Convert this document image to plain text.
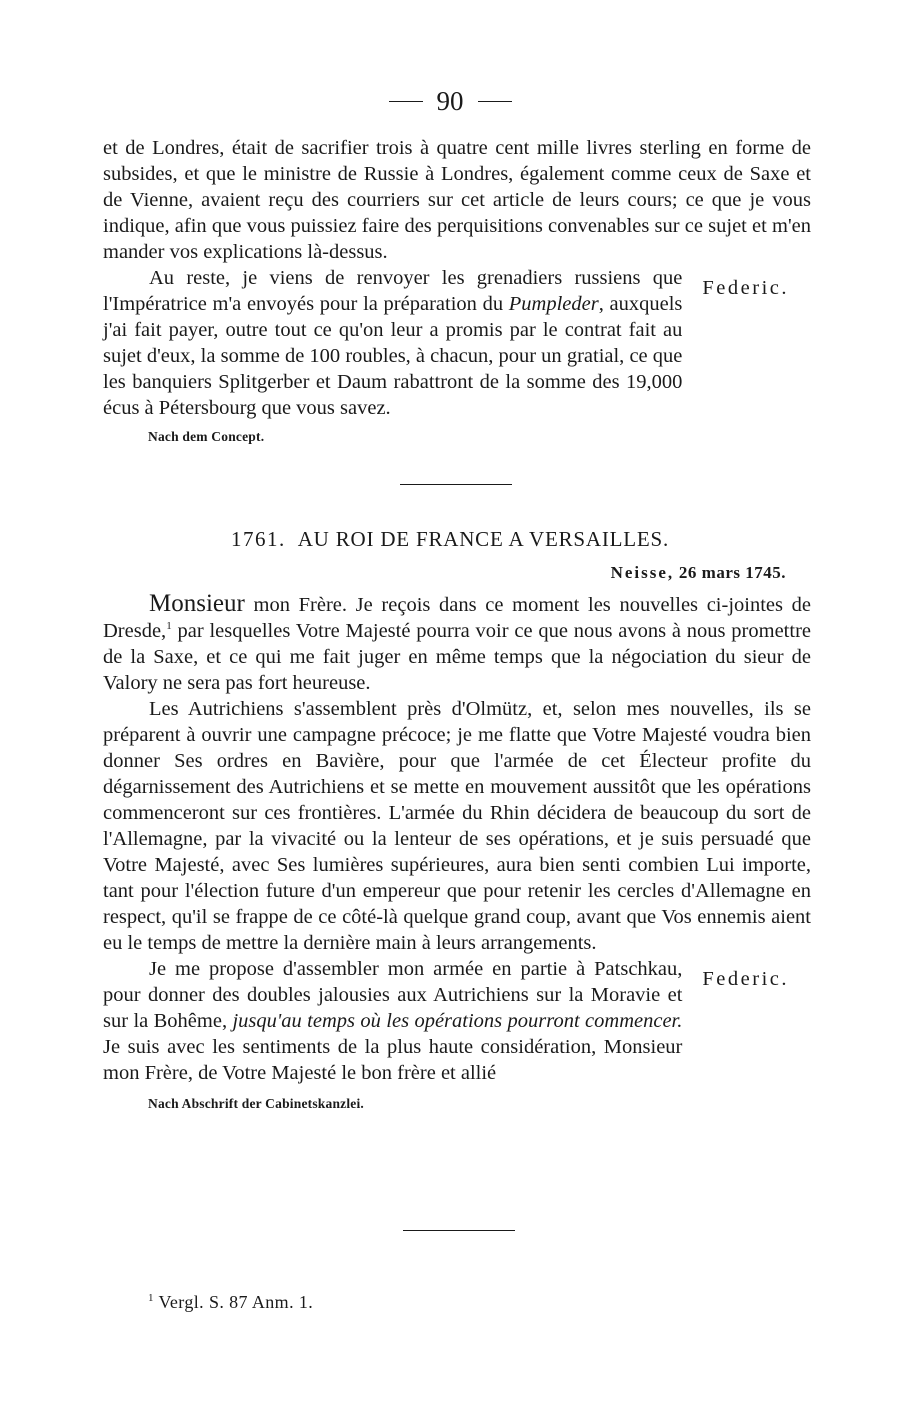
90

et de Londres, était de sacrifier trois à quatre cent mille livres sterling en forme de subsides, et que le ministre de Russie à Londres, également comme ceux de Saxe et de Vienne, avaient reçu des courriers sur cet article de leurs cours; ce que je vous indique, afin que vous puissiez faire des perquisitions convenables sur ce sujet et m'en mander vos explications là-dessus.

Au reste, je viens de renvoyer les grenadiers russiens que l'Impératrice m'a envoyés pour la préparation du Pumpleder, auxquels j'ai fait payer, outre tout ce qu'on leur a promis par le contrat fait au sujet d'eux, la somme de 100 roubles, à chacun, pour un gratial, ce que les banquiers Splitgerber et Daum rabattront de la somme des 19,000 écus à Pétersbourg que vous savez.

Federic.
Nach dem Concept.
1761. AU ROI DE FRANCE A VERSAILLES.
Neisse, 26 mars 1745.

Monsieur mon Frère. Je reçois dans ce moment les nouvelles ci-jointes de Dresde,$^1$ par lesquelles Votre Majesté pourra voir ce que nous avons à nous promettre de la Saxe, et ce qui me fait juger en même temps que la négociation du sieur de Valory ne sera pas fort heureuse.

Les Autrichiens s'assemblent près d'Olmütz, et, selon mes nouvelles, ils se préparent à ouvrir une campagne précoce; je me flatte que Votre Majesté voudra bien donner Ses ordres en Bavière, pour que l'armée de cet Électeur profite du dégarnissement des Autrichiens et se mette en mouvement aussitôt que les opérations commenceront sur ces frontières. L'armée du Rhin décidera de beaucoup du sort de l'Allemagne, par la vivacité ou la lenteur de ses opérations, et je suis persuadé que Votre Majesté, avec Ses lumières supérieures, aura bien senti combien Lui importe, tant pour l'élection future d'un empereur que pour retenir les cercles d'Allemagne en respect, qu'il se frappe de ce côté-là quelque grand coup, avant que Vos ennemis aient eu le temps de mettre la dernière main à leurs arrangements.

Je me propose d'assembler mon armée en partie à Patschkau, pour donner des doubles jalousies aux Autrichiens sur la Moravie et sur la Bohême, jusqu'au temps où les opérations pourront commencer. Je suis avec les sentiments de la plus haute considération, Monsieur mon Frère, de Votre Majesté le bon frère et allié

Federic.
Nach Abschrift der Cabinetskanzlei.
$^1$ Vergl. S. 87 Anm. 1.
